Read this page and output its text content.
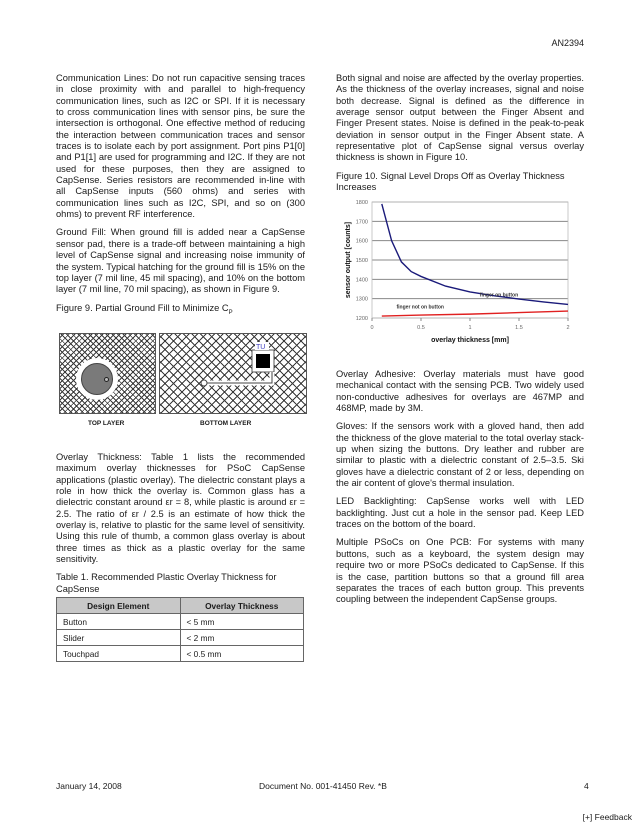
AN2394

Communication Lines: Do not run capacitive sensing traces in close proximity with and parallel to high-frequency communication lines, such as I2C or SPI. If it is necessary to cross communication lines with sensor pins, be sure the intersection is orthogonal. One effective method of reducing the interaction between communication traces and sensor traces is to isolate each by port assignment. Port pins P1[0] and P1[1] are used for programming and I2C. If they are not used for these purposes, then they are assigned to CapSense. Series resistors are recommended in-line with all CapSense inputs (560 ohms) and series with communication lines such as I2C, SPI, and so on (300 ohms) to prevent RF interference.

Ground Fill: When ground fill is added near a CapSense sensor pad, there is a trade-off between maintaining a high level of CapSense signal and increasing noise immunity of the system. Typical hatching for the ground fill is 15% on the top layer (7 mil line, 45 mil spacing), and 10% on the bottom layer (7 mil line, 70 mil spacing), as shown in Figure 9.

Figure 9. Partial Ground Fill to Minimize $C_P$

TU
TOP LAYER	BOTTOM LAYER

Overlay Thickness: Table 1 lists the recommended maximum overlay thicknesses for PSoC CapSense applications (plastic overlay). The dielectric constant plays a role in how thick the overlay is. Common glass has a dielectric constant around εr = 8, while plastic is around εr = 2.5. The ratio of εr / 2.5 is an estimate of how thick the overlay is, relative to plastic for the same level of sensitivity. Using this rule of thumb, a common glass overlay is about three times as thick as a plastic overlay for the same sensitivity.

Table 1. Recommended Plastic Overlay Thickness for CapSense

Design Element	Overlay Thickness
Button	< 5 mm
Slider	< 2 mm
Touchpad	< 0.5 mm

Both signal and noise are affected by the overlay properties. As the thickness of the overlay increases, signal and noise both decrease. Signal is defined as the difference in average sensor output between the Finger Absent and Finger Present states. Noise is defined in the peak-to-peak deviation in sensor output in the Finger Absent state. A representative plot of CapSense signal versus overlay thickness is shown in Figure 10.

Figure 10. Signal Level Drops Off as Overlay Thickness Increases

1200
1300
1400
1500
1600
1700
1800
0	0.5	1	1.5	2
overlay thickness [mm]
sensor output [counts]	finger on button
finger not on button

Overlay Adhesive: Overlay materials must have good mechanical contact with the sensing PCB. Two widely used non-conductive adhesives for overlays are 467MP and 468MP, made by 3M.

Gloves: If the sensors work with a gloved hand, then add the thickness of the glove material to the total overlay stack-up when sizing the buttons. Dry leather and rubber are similar to plastic with a dielectric constant of 2.5–3.5. Ski gloves have a dielectric constant of 2 or less, depending on the air content of glove's thermal insulation.

LED Backlighting: CapSense works well with LED backlighting. Just cut a hole in the sensor pad. Keep LED traces on the bottom of the board.

Multiple PSoCs on One PCB: For systems with many buttons, such as a keyboard, the system design may require two or more PSoCs dedicated to CapSense. If this is the case, partition buttons so that a ground fill area separates the traces of each button group. This prevents coupling between the independent CapSense groups.

January 14, 2008	Document No. 001-41450 Rev. *B	4
[+] Feedback
